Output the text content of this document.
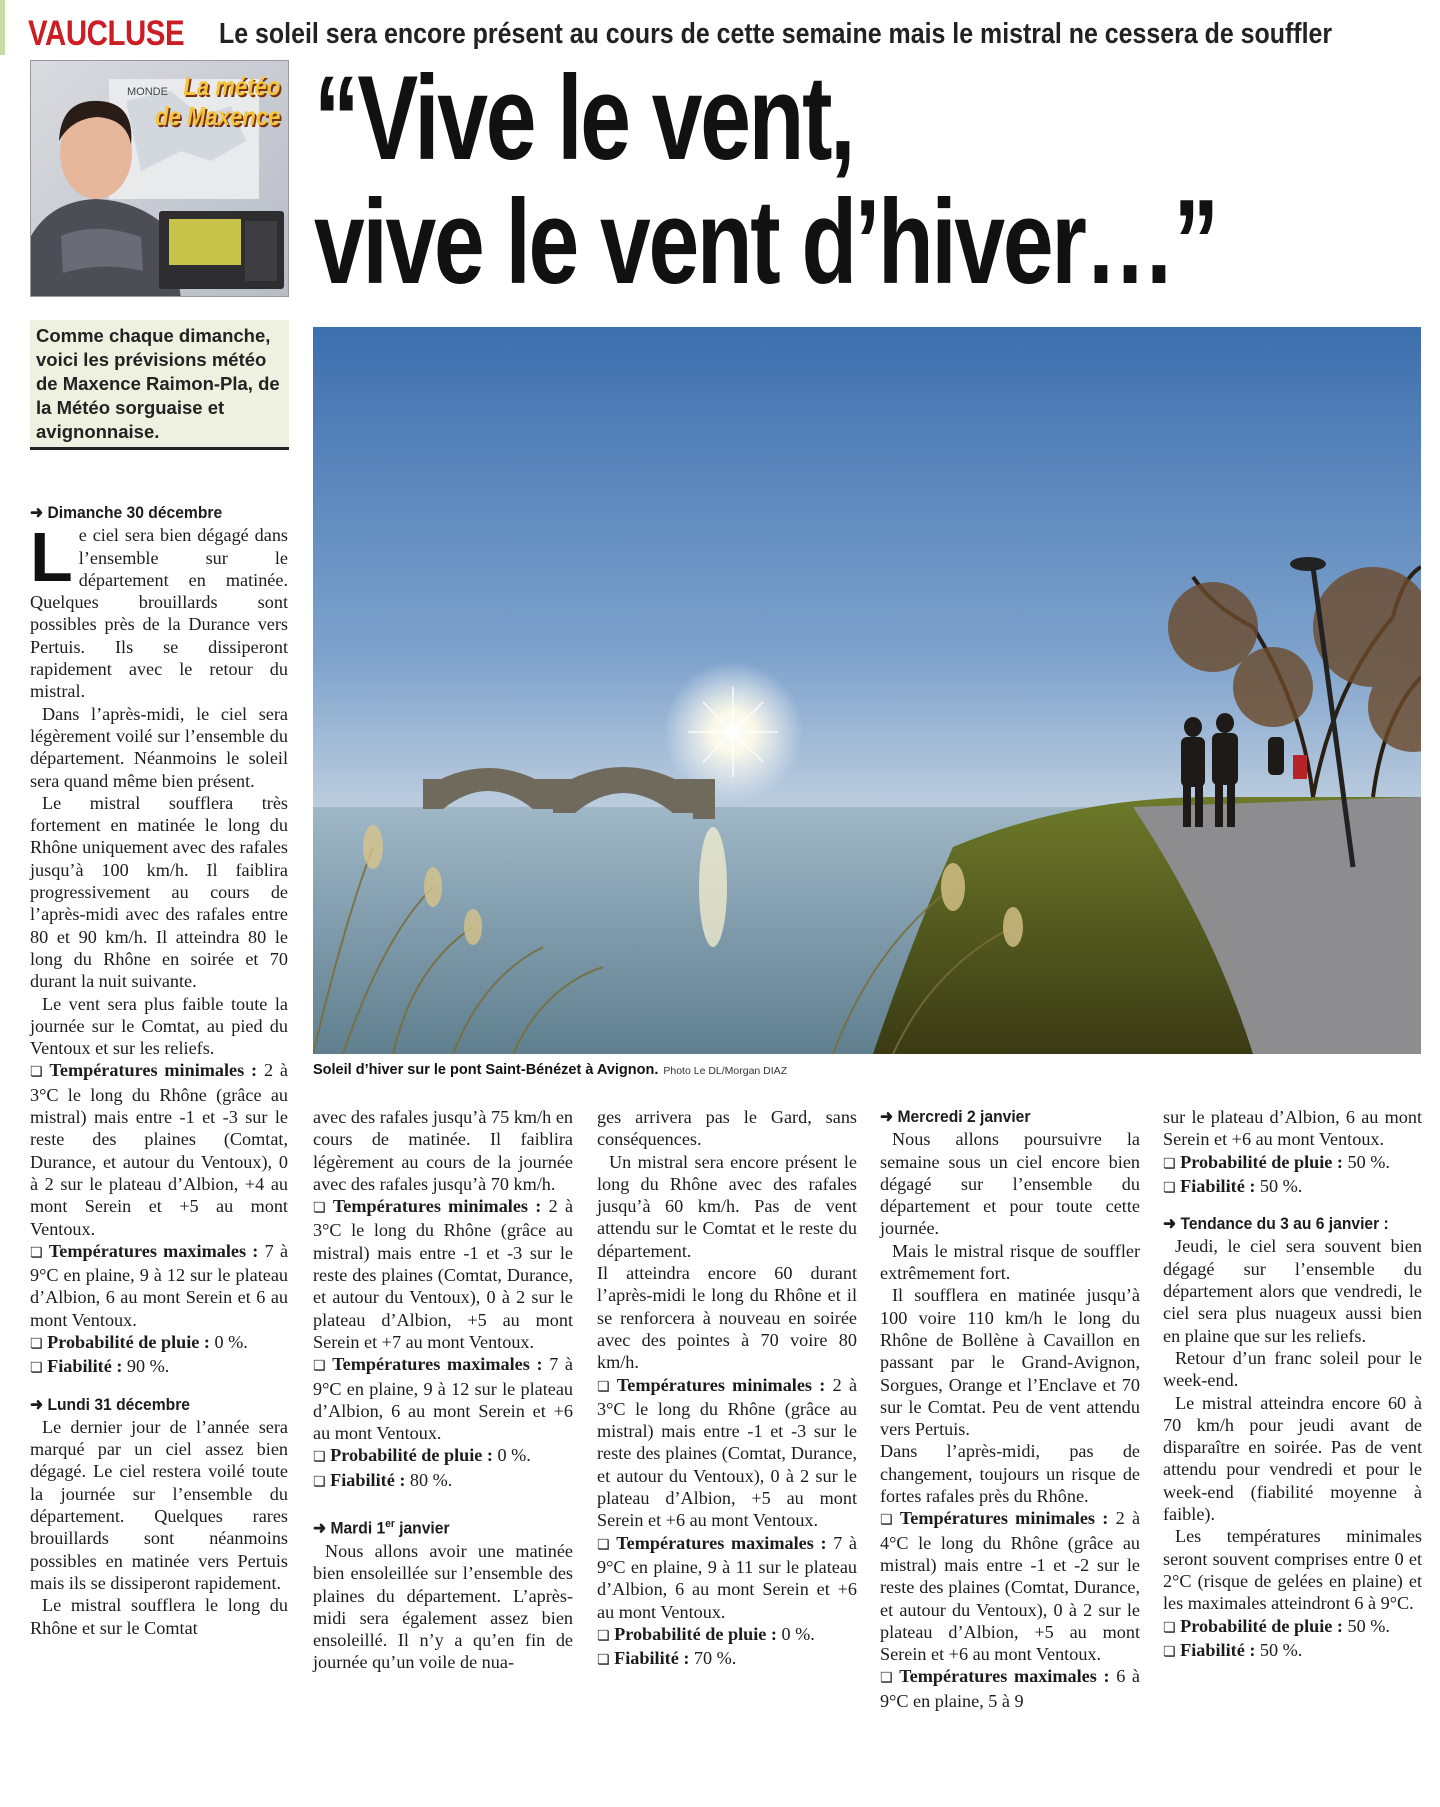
VAUCLUSE Le soleil sera encore présent au cours de cette semaine mais le mistral ne cessera de souffler
MONDE La météo
de Maxence “Vive le vent,
vive le vent d’hiver…”
Comme chaque dimanche, voici les prévisions météo de Maxence Raimon-Pla, de la Météo sorguaise et avignonnaise.
Soleil d’hiver sur le pont Saint-Bénézet à Avignon. Photo Le DL/Morgan DIAZ

➜ Dimanche 30 décembre

Le ciel sera bien dégagé dans l’ensemble sur le département en matinée. Quelques brouillards sont possibles près de la Durance vers Pertuis. Ils se dissiperont rapidement avec le retour du mistral.

Dans l’après-midi, le ciel sera légèrement voilé sur l’ensemble du département. Néanmoins le soleil sera quand même bien présent.

Le mistral soufflera très fortement en matinée le long du Rhône uniquement avec des rafales jusqu’à 100 km/h. Il faiblira progressivement au cours de l’après-midi avec des rafales entre 80 et 90 km/h. Il atteindra 80 le long du Rhône en soirée et 70 durant la nuit suivante.

Le vent sera plus faible toute la journée sur le Comtat, au pied du Ventoux et sur les reliefs.

❏ Températures minimales : 2 à 3°C le long du Rhône (grâce au mistral) mais entre -1 et -3 sur le reste des plaines (Comtat, Durance, et autour du Ventoux), 0 à 2 sur le plateau d’Albion, +4 au mont Serein et +5 au mont Ventoux.

❏ Températures maximales : 7 à 9°C en plaine, 9 à 12 sur le plateau d’Albion, 6 au mont Serein et 6 au mont Ventoux.

❏ Probabilité de pluie : 0 %.

❏ Fiabilité : 90 %.

➜ Lundi 31 décembre

Le dernier jour de l’année sera marqué par un ciel assez bien dégagé. Le ciel restera voilé toute la journée sur l’ensemble du département. Quelques rares brouillards sont néanmoins possibles en matinée vers Pertuis mais ils se dissiperont rapidement.

Le mistral soufflera le long du Rhône et sur le Comtat

avec des rafales jusqu’à 75 km/h en cours de matinée. Il faiblira légèrement au cours de la journée avec des rafales jusqu’à 70 km/h.

❏ Températures minimales : 2 à 3°C le long du Rhône (grâce au mistral) mais entre -1 et -3 sur le reste des plaines (Comtat, Durance, et autour du Ventoux), 0 à 2 sur le plateau d’Albion, +5 au mont Serein et +7 au mont Ventoux.

❏ Températures maximales : 7 à 9°C en plaine, 9 à 12 sur le plateau d’Albion, 6 au mont Serein et +6 au mont Ventoux.

❏ Probabilité de pluie : 0 %.

❏ Fiabilité : 80 %.

➜ Mardi 1er janvier

Nous allons avoir une matinée bien ensoleillée sur l’ensemble des plaines du département. L’après-midi sera également assez bien ensoleillé. Il n’y a qu’en fin de journée qu’un voile de nua-

ges arrivera pas le Gard, sans conséquences.

Un mistral sera encore présent le long du Rhône avec des rafales jusqu’à 60 km/h. Pas de vent attendu sur le Comtat et le reste du département.

Il atteindra encore 60 durant l’après-midi le long du Rhône et il se renforcera à nouveau en soirée avec des pointes à 70 voire 80 km/h.

❏ Températures minimales : 2 à 3°C le long du Rhône (grâce au mistral) mais entre -1 et -3 sur le reste des plaines (Comtat, Durance, et autour du Ventoux), 0 à 2 sur le plateau d’Albion, +5 au mont Serein et +6 au mont Ventoux.

❏ Températures maximales : 7 à 9°C en plaine, 9 à 11 sur le plateau d’Albion, 6 au mont Serein et +6 au mont Ventoux.

❏ Probabilité de pluie : 0 %.

❏ Fiabilité : 70 %.

➜ Mercredi 2 janvier

Nous allons poursuivre la semaine sous un ciel encore bien dégagé sur l’ensemble du département et pour toute cette journée.

Mais le mistral risque de souffler extrêmement fort.

Il soufflera en matinée jusqu’à 100 voire 110 km/h le long du Rhône de Bollène à Cavaillon en passant par le Grand-Avignon, Sorgues, Orange et l’Enclave et 70 sur le Comtat. Peu de vent attendu vers Pertuis.

Dans l’après-midi, pas de changement, toujours un risque de fortes rafales près du Rhône.

❏ Températures minimales : 2 à 4°C le long du Rhône (grâce au mistral) mais entre -1 et -2 sur le reste des plaines (Comtat, Durance, et autour du Ventoux), 0 à 2 sur le plateau d’Albion, +5 au mont Serein et +6 au mont Ventoux.

❏ Températures maximales : 6 à 9°C en plaine, 5 à 9

sur le plateau d’Albion, 6 au mont Serein et +6 au mont Ventoux.

❏ Probabilité de pluie : 50 %.

❏ Fiabilité : 50 %.

➜ Tendance du 3 au 6 janvier :

Jeudi, le ciel sera souvent bien dégagé sur l’ensemble du département alors que vendredi, le ciel sera plus nuageux aussi bien en plaine que sur les reliefs.

Retour d’un franc soleil pour le week-end.

Le mistral atteindra encore 60 à 70 km/h pour jeudi avant de disparaître en soirée. Pas de vent attendu pour vendredi et pour le week-end (fiabilité moyenne à faible).

Les températures minimales seront souvent comprises entre 0 et 2°C (risque de gelées en plaine) et les maximales atteindront 6 à 9°C.

❏ Probabilité de pluie : 50 %.

❏ Fiabilité : 50 %.
